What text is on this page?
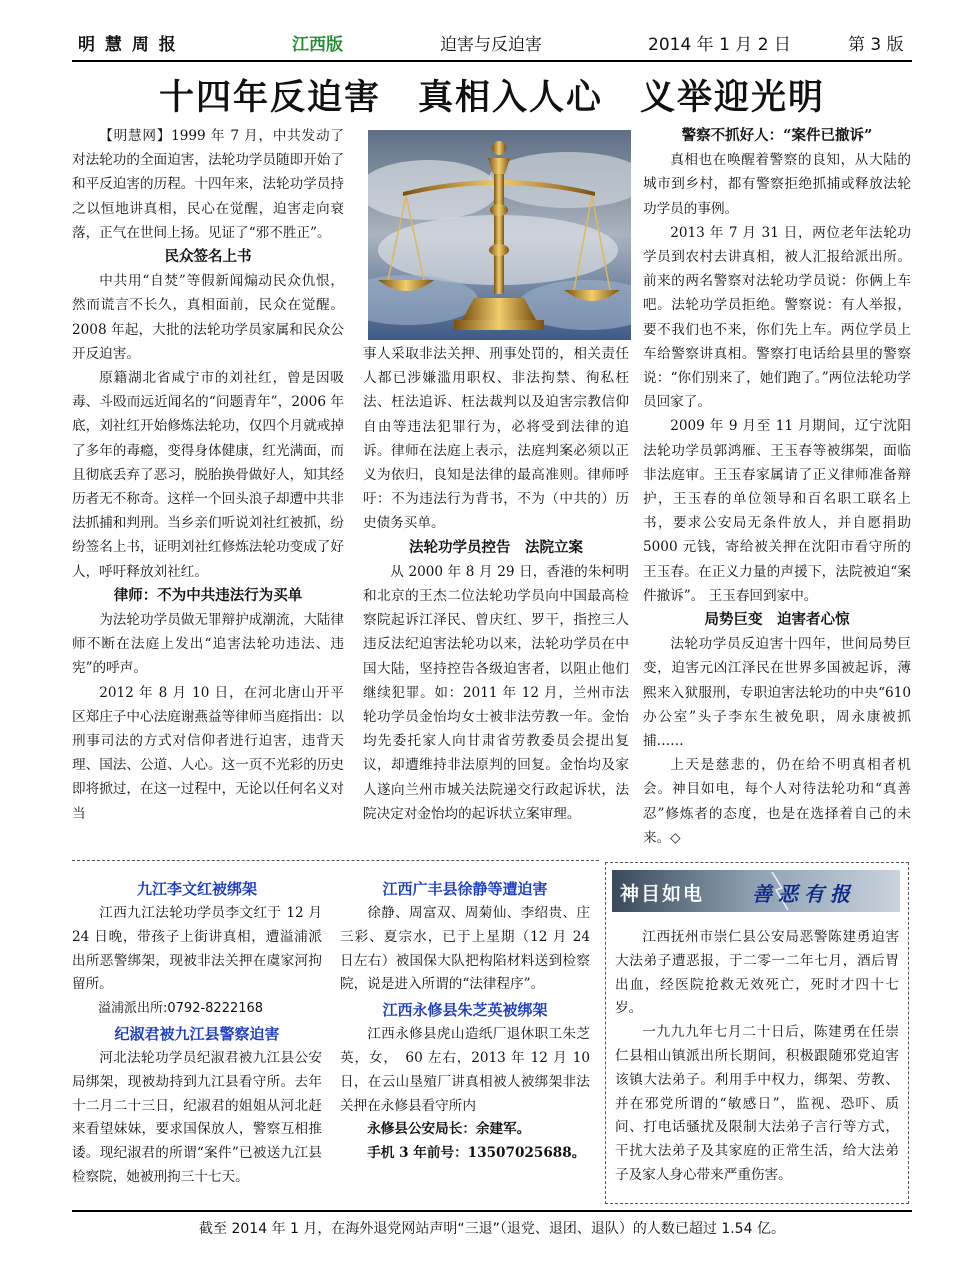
明 慧 周 报	江西版	迫害与反迫害	2014 年 1 月 2 日	第 3 版
十四年反迫害　真相入人心　义举迎光明

【明慧网】1999 年 7 月，中共发动了对法轮功的全面迫害，法轮功学员随即开始了和平反迫害的历程。十四年来，法轮功学员持之以恒地讲真相，民心在觉醒，迫害走向衰落，正气在世间上扬。见证了“邪不胜正”。

民众签名上书

中共用“自焚”等假新闻煽动民众仇恨，然而谎言不长久，真相面前，民众在觉醒。2008 年起，大批的法轮功学员家属和民众公开反迫害。

原籍湖北省咸宁市的刘社红，曾是因吸毒、斗殴而远近闻名的“问题青年”，2006 年底，刘社红开始修炼法轮功，仅四个月就戒掉了多年的毒瘾，变得身体健康，红光满面，而且彻底丢弃了恶习，脱胎换骨做好人，知其经历者无不称奇。这样一个回头浪子却遭中共非法抓捕和判刑。当乡亲们听说刘社红被抓，纷纷签名上书，证明刘社红修炼法轮功变成了好人，呼吁释放刘社红。

律师：不为中共违法行为买单

为法轮功学员做无罪辩护成潮流，大陆律师不断在法庭上发出“追害法轮功违法、违宪”的呼声。

2012 年 8 月 10 日，在河北唐山开平区郑庄子中心法庭谢燕益等律师当庭指出：以刑事司法的方式对信仰者进行迫害，违背天理、国法、公道、人心。这一页不光彩的历史即将掀过，在这一过程中，无论以任何名义对当

事人采取非法关押、刑事处罚的，相关责任人都已涉嫌滥用职权、非法拘禁、徇私枉法、枉法追诉、枉法裁判以及迫害宗教信仰自由等违法犯罪行为，必将受到法律的追诉。律师在法庭上表示，法庭判案必须以正义为依归，良知是法律的最高准则。律师呼吁：不为违法行为背书，不为（中共的）历史债务买单。

法轮功学员控告　法院立案

从 2000 年 8 月 29 日，香港的朱柯明和北京的王杰二位法轮功学员向中国最高检察院起诉江泽民、曾庆红、罗干，指控三人违反法纪迫害法轮功以来，法轮功学员在中国大陆，坚持控告各级迫害者，以阻止他们继续犯罪。如：2011 年 12 月，兰州市法轮功学员金怡均女士被非法劳教一年。金怡均先委托家人向甘肃省劳教委员会提出复议，却遭维持非法原判的回复。金怡均及家人遂向兰州市城关法院递交行政起诉状，法院决定对金怡均的起诉状立案审理。

警察不抓好人：“案件已撤诉”

真相也在唤醒着警察的良知，从大陆的城市到乡村，都有警察拒绝抓捕或释放法轮功学员的事例。

2013 年 7 月 31 日，两位老年法轮功学员到农村去讲真相，被人汇报给派出所。前来的两名警察对法轮功学员说：你俩上车吧。法轮功学员拒绝。警察说：有人举报，要不我们也不来，你们先上车。两位学员上车给警察讲真相。警察打电话给县里的警察说：“你们别来了，她们跑了。”两位法轮功学员回家了。

2009 年 9 月至 11 月期间，辽宁沈阳法轮功学员郭鸿雁、王玉春等被绑架，面临非法庭审。王玉春家属请了正义律师准备辩护，王玉春的单位领导和百名职工联名上书，要求公安局无条件放人，并自愿捐助 5000 元钱，寄给被关押在沈阳市看守所的王玉春。在正义力量的声援下，法院被迫“案件撤诉”。 王玉春回到家中。

局势巨变　迫害者心惊

法轮功学员反迫害十四年，世间局势巨变，迫害元凶江泽民在世界多国被起诉，薄熙来入狱服刑，专职迫害法轮功的中央“610 办公室”头子李东生被免职，周永康被抓捕……

上天是慈悲的，仍在给不明真相者机会。神目如电，每个人对待法轮功和“真善忍”修炼者的态度，也是在选择着自己的未来。◇

九江李文红被绑架

江西九江法轮功学员李文红于 12 月 24 日晚，带孩子上街讲真相，遭溢浦派出所恶警绑架，现被非法关押在虞家河拘留所。

溢浦派出所:0792-8222168

纪淑君被九江县警察迫害

河北法轮功学员纪淑君被九江县公安局绑架，现被劫持到九江县看守所。去年十二月二十三日，纪淑君的姐姐从河北赶来看望妹妹，要求国保放人，警察互相推诿。现纪淑君的所谓“案件”已被送九江县检察院，她被刑拘三十七天。

江西广丰县徐静等遭迫害

徐静、周富双、周菊仙、李绍贵、庄三彩、夏宗水，已于上星期（12 月 24 日左右）被国保大队把构陷材料送到检察院，说是进入所谓的“法律程序”。

江西永修县朱芝英被绑架

江西永修县虎山造纸厂退休职工朱芝英，女，　60 左右，2013 年 12 月 10 日，在云山垦殖厂讲真相被人被绑架非法关押在永修县看守所内

永修县公安局长：余建军。

手机 3 年前号：13507025688。

神目如电 善恶有报

江西抚州市崇仁县公安局恶警陈建勇迫害大法弟子遭恶报，于二零一二年七月，酒后胃出血，经医院抢救无效死亡，死时才四十七岁。

一九九九年七月二十日后，陈建勇在任崇仁县相山镇派出所长期间，积极跟随邪党迫害该镇大法弟子。利用手中权力，绑架、劳教、并在邪党所谓的“敏感日”，监视、恐吓、质问、打电话骚扰及限制大法弟子言行等方式，干扰大法弟子及其家庭的正常生活，给大法弟子及家人身心带来严重伤害。

截至 2014 年 1 月，在海外退党网站声明“三退”（退党、退团、退队）的人数已超过 1.54 亿。
